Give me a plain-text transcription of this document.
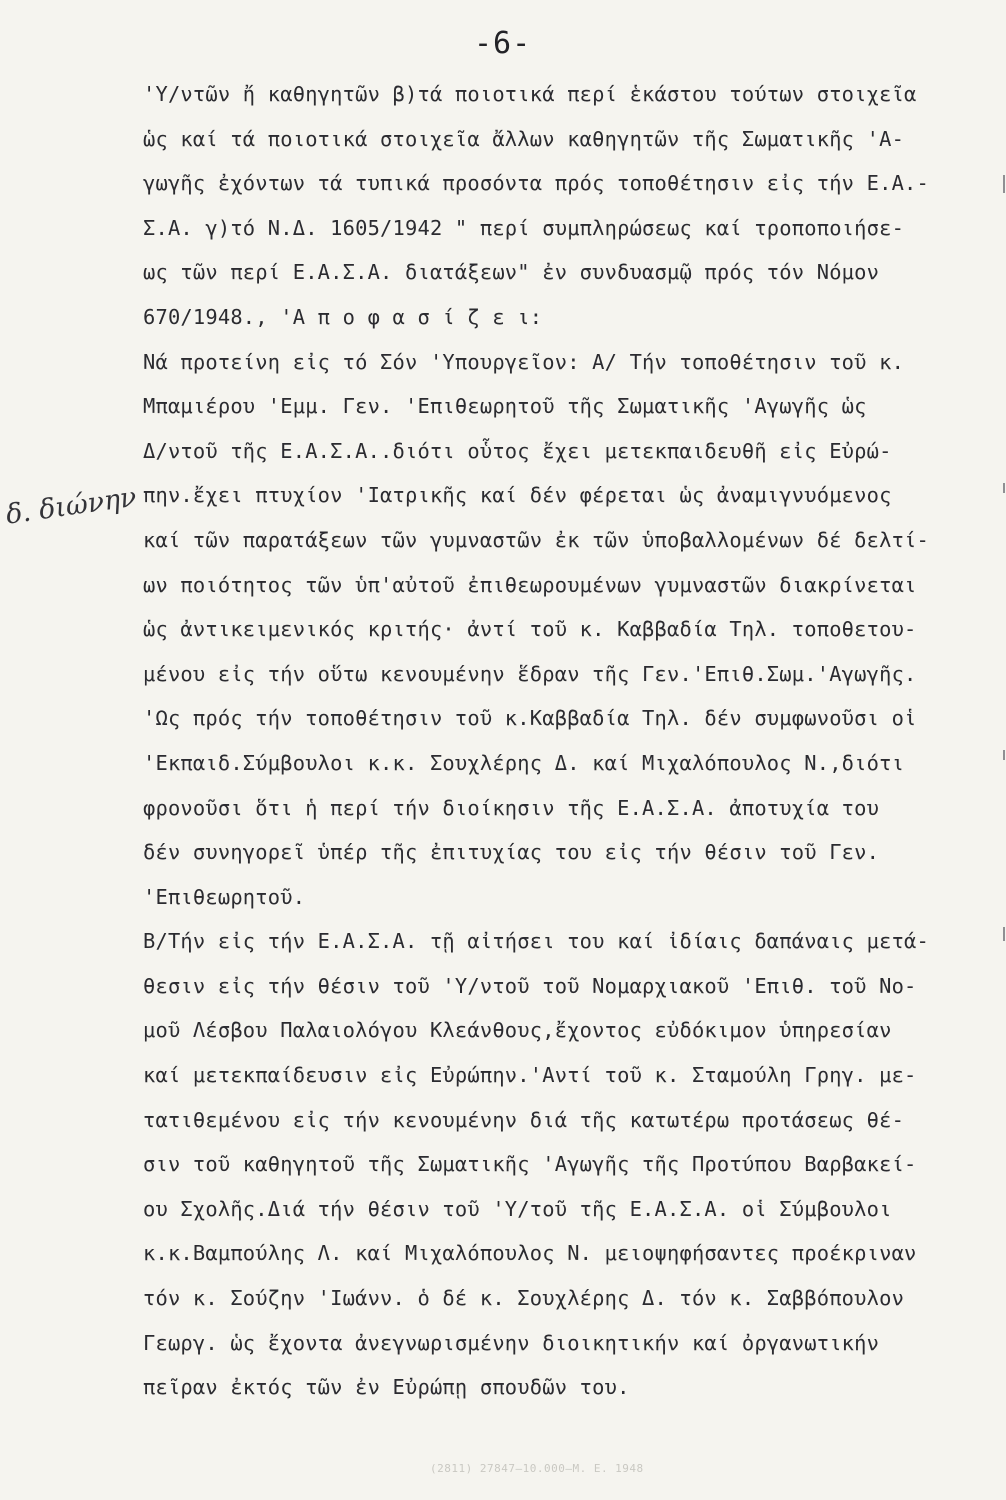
-6-
δ. διώνην
'Υ/ντῶν ἤ καθηγητῶν β)τά ποιοτικά περί ἑκάστου τούτων στοιχεῖα
ὡς καί τά ποιοτικά στοιχεῖα ἄλλων καθηγητῶν τῆς Σωματικῆς 'Α-
γωγῆς ἐχόντων τά τυπικά προσόντα πρός τοποθέτησιν εἰς τήν Ε.Α.-
Σ.Α. γ)τό Ν.Δ. 1605/1942 " περί συμπληρώσεως καί τροποποιήσε-
ως τῶν περί Ε.Α.Σ.Α. διατάξεων" ἐν συνδυασμῷ πρός τόν Νόμον
670/1948., 'Α π ο φ α σ ί ζ ε ι:
Νά προτείνη εἰς τό Σόν 'Υπουργεῖον: Α/ Τήν τοποθέτησιν τοῦ κ.
Μπαμιέρου 'Εμμ. Γεν. 'Επιθεωρητοῦ τῆς Σωματικῆς 'Αγωγῆς ὡς
Δ/ντοῦ τῆς Ε.Α.Σ.Α..διότι οὗτος ἔχει μετεκπαιδευθῆ εἰς Εὐρώ-
πην.ἔχει πτυχίον 'Ιατρικῆς καί δέν φέρεται ὡς ἀναμιγνυόμενος
καί τῶν παρατάξεων τῶν γυμναστῶν ἐκ τῶν ὑποβαλλομένων δέ δελτί-
ων ποιότητος τῶν ὑπ'αὐτοῦ ἐπιθεωρουμένων γυμναστῶν διακρίνεται
ὡς ἀντικειμενικός κριτής· ἀντί τοῦ κ. Καββαδία Τηλ. τοποθετου-
μένου εἰς τήν οὕτω κενουμένην ἕδραν τῆς Γεν.'Επιθ.Σωμ.'Αγωγῆς.
'Ως πρός τήν τοποθέτησιν τοῦ κ.Καββαδία Τηλ. δέν συμφωνοῦσι οἱ
'Εκπαιδ.Σύμβουλοι κ.κ. Σουχλέρης Δ. καί Μιχαλόπουλος Ν.,διότι
φρονοῦσι ὅτι ἡ περί τήν διοίκησιν τῆς Ε.Α.Σ.Α. ἀποτυχία του
δέν συνηγορεῖ ὑπέρ τῆς ἐπιτυχίας του εἰς τήν θέσιν τοῦ Γεν.
'Επιθεωρητοῦ.
Β/Τήν εἰς τήν Ε.Α.Σ.Α. τῇ αἰτήσει του καί ἰδίαις δαπάναις μετά-
θεσιν εἰς τήν θέσιν τοῦ 'Υ/ντοῦ τοῦ Νομαρχιακοῦ 'Επιθ. τοῦ Νο-
μοῦ Λέσβου Παλαιολόγου Κλεάνθους,ἔχοντος εὐδόκιμον ὑπηρεσίαν
καί μετεκπαίδευσιν εἰς Εὐρώπην.'Αντί τοῦ κ. Σταμούλη Γρηγ. με-
τατιθεμένου εἰς τήν κενουμένην διά τῆς κατωτέρω προτάσεως θέ-
σιν τοῦ καθηγητοῦ τῆς Σωματικῆς 'Αγωγῆς τῆς Προτύπου Βαρβακεί-
ου Σχολῆς.Διά τήν θέσιν τοῦ 'Υ/τοῦ τῆς Ε.Α.Σ.Α. οἱ Σύμβουλοι
κ.κ.Βαμπούλης Λ. καί Μιχαλόπουλος Ν. μειοψηφήσαντες προέκριναν
τόν κ. Σούζην 'Ιωάνν. ὁ δέ κ. Σουχλέρης Δ. τόν κ. Σαββόπουλον
Γεωργ. ὡς ἔχοντα ἀνεγνωρισμένην διοικητικήν καί ὀργανωτικήν
πεῖραν ἐκτός τῶν ἐν Εὐρώπῃ σπουδῶν του.
(2811) 27847—10.000—M. E. 1948
